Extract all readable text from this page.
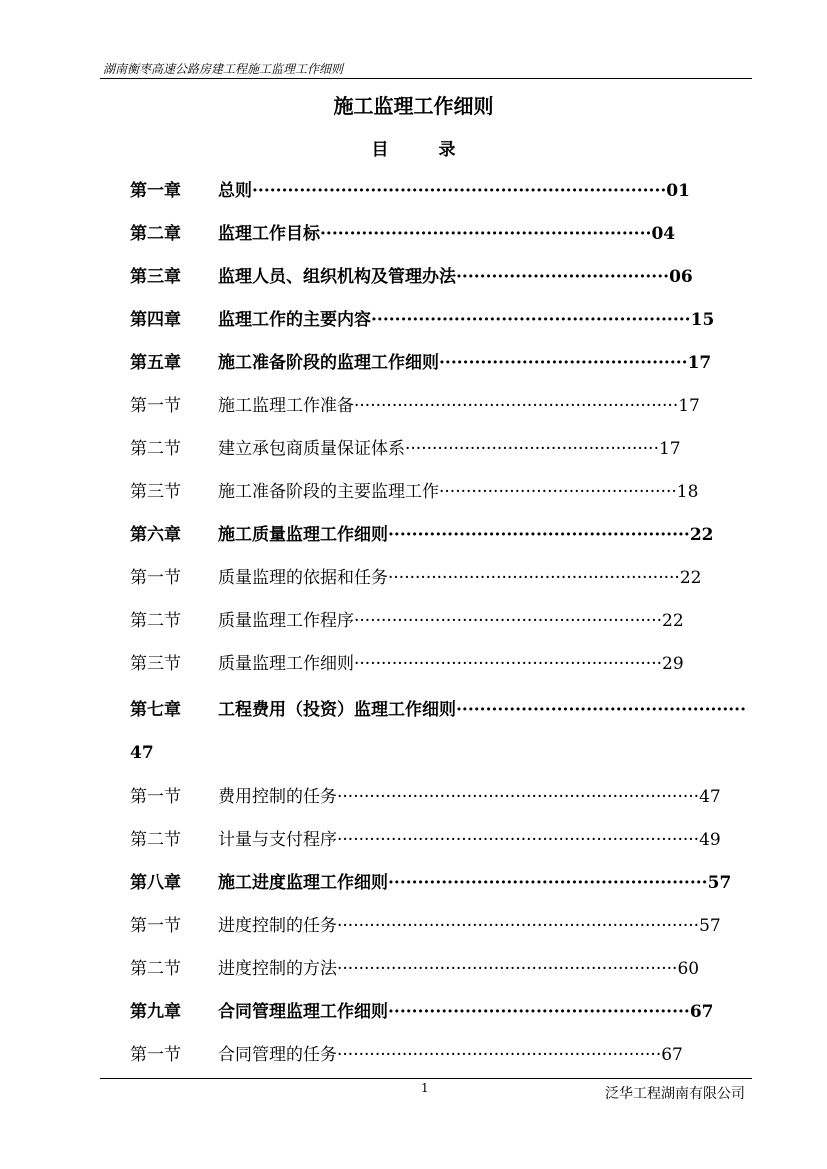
湖南衡枣高速公路房建工程施工监理工作细则
施工监理工作细则
目	录
第一章 总则······································································01
第二章 监理工作目标························································04
第三章 监理人员、组织机构及管理办法····································06
第四章 监理工作的主要内容······················································15
第五章 施工准备阶段的监理工作细则··········································17
第一节 施工监理工作准备····························································17
第二节 建立承包商质量保证体系···············································17
第三节 施工准备阶段的主要监理工作············································18
第六章 施工质量监理工作细则···················································22
第一节 质量监理的依据和任务······················································22
第二节 质量监理工作程序·························································22
第三节 质量监理工作细则·························································29
47
第七章 工程费用（投资）监理工作细则·················································
第一节 费用控制的任务···································································47
第二节 计量与支付程序···································································49
第八章 施工进度监理工作细则······················································57
第一节 进度控制的任务···································································57
第二节 进度控制的方法·······························································60
第九章 合同管理监理工作细则···················································67
第一节 合同管理的任务····························································67
1	泛华工程湖南有限公司
